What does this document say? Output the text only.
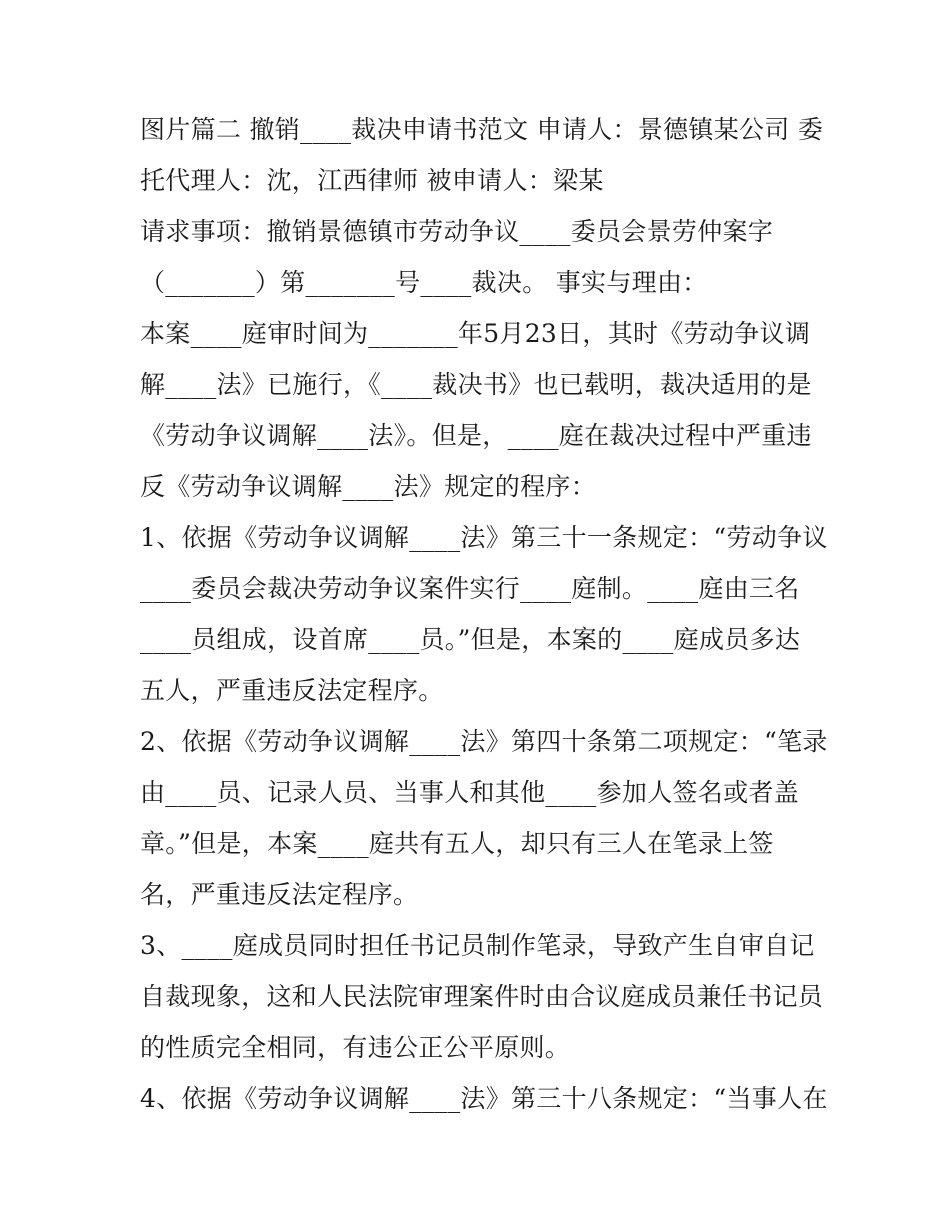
图片篇二 撤销____裁决申请书范文 申请人：景德镇某公司 委
托代理人：沈，江西律师 被申请人：梁某
请求事项：撤销景德镇市劳动争议____委员会景劳仲案字
（_______）第_______号____裁决。 事实与理由：
本案____庭审时间为_______年5月23日，其时《劳动争议调
解____法》已施行，《____裁决书》也已载明，裁决适用的是
《劳动争议调解____法》。但是，____庭在裁决过程中严重违
反《劳动争议调解____法》规定的程序：
1、依据《劳动争议调解____法》第三十一条规定：“劳动争议
____委员会裁决劳动争议案件实行____庭制。____庭由三名
____员组成，设首席____员。”但是，本案的____庭成员多达
五人，严重违反法定程序。
2、依据《劳动争议调解____法》第四十条第二项规定：“笔录
由____员、记录人员、当事人和其他____参加人签名或者盖
章。”但是，本案____庭共有五人，却只有三人在笔录上签
名，严重违反法定程序。
3、____庭成员同时担任书记员制作笔录，导致产生自审自记
自裁现象，这和人民法院审理案件时由合议庭成员兼任书记员
的性质完全相同，有违公正公平原则。
4、依据《劳动争议调解____法》第三十八条规定：“当事人在
